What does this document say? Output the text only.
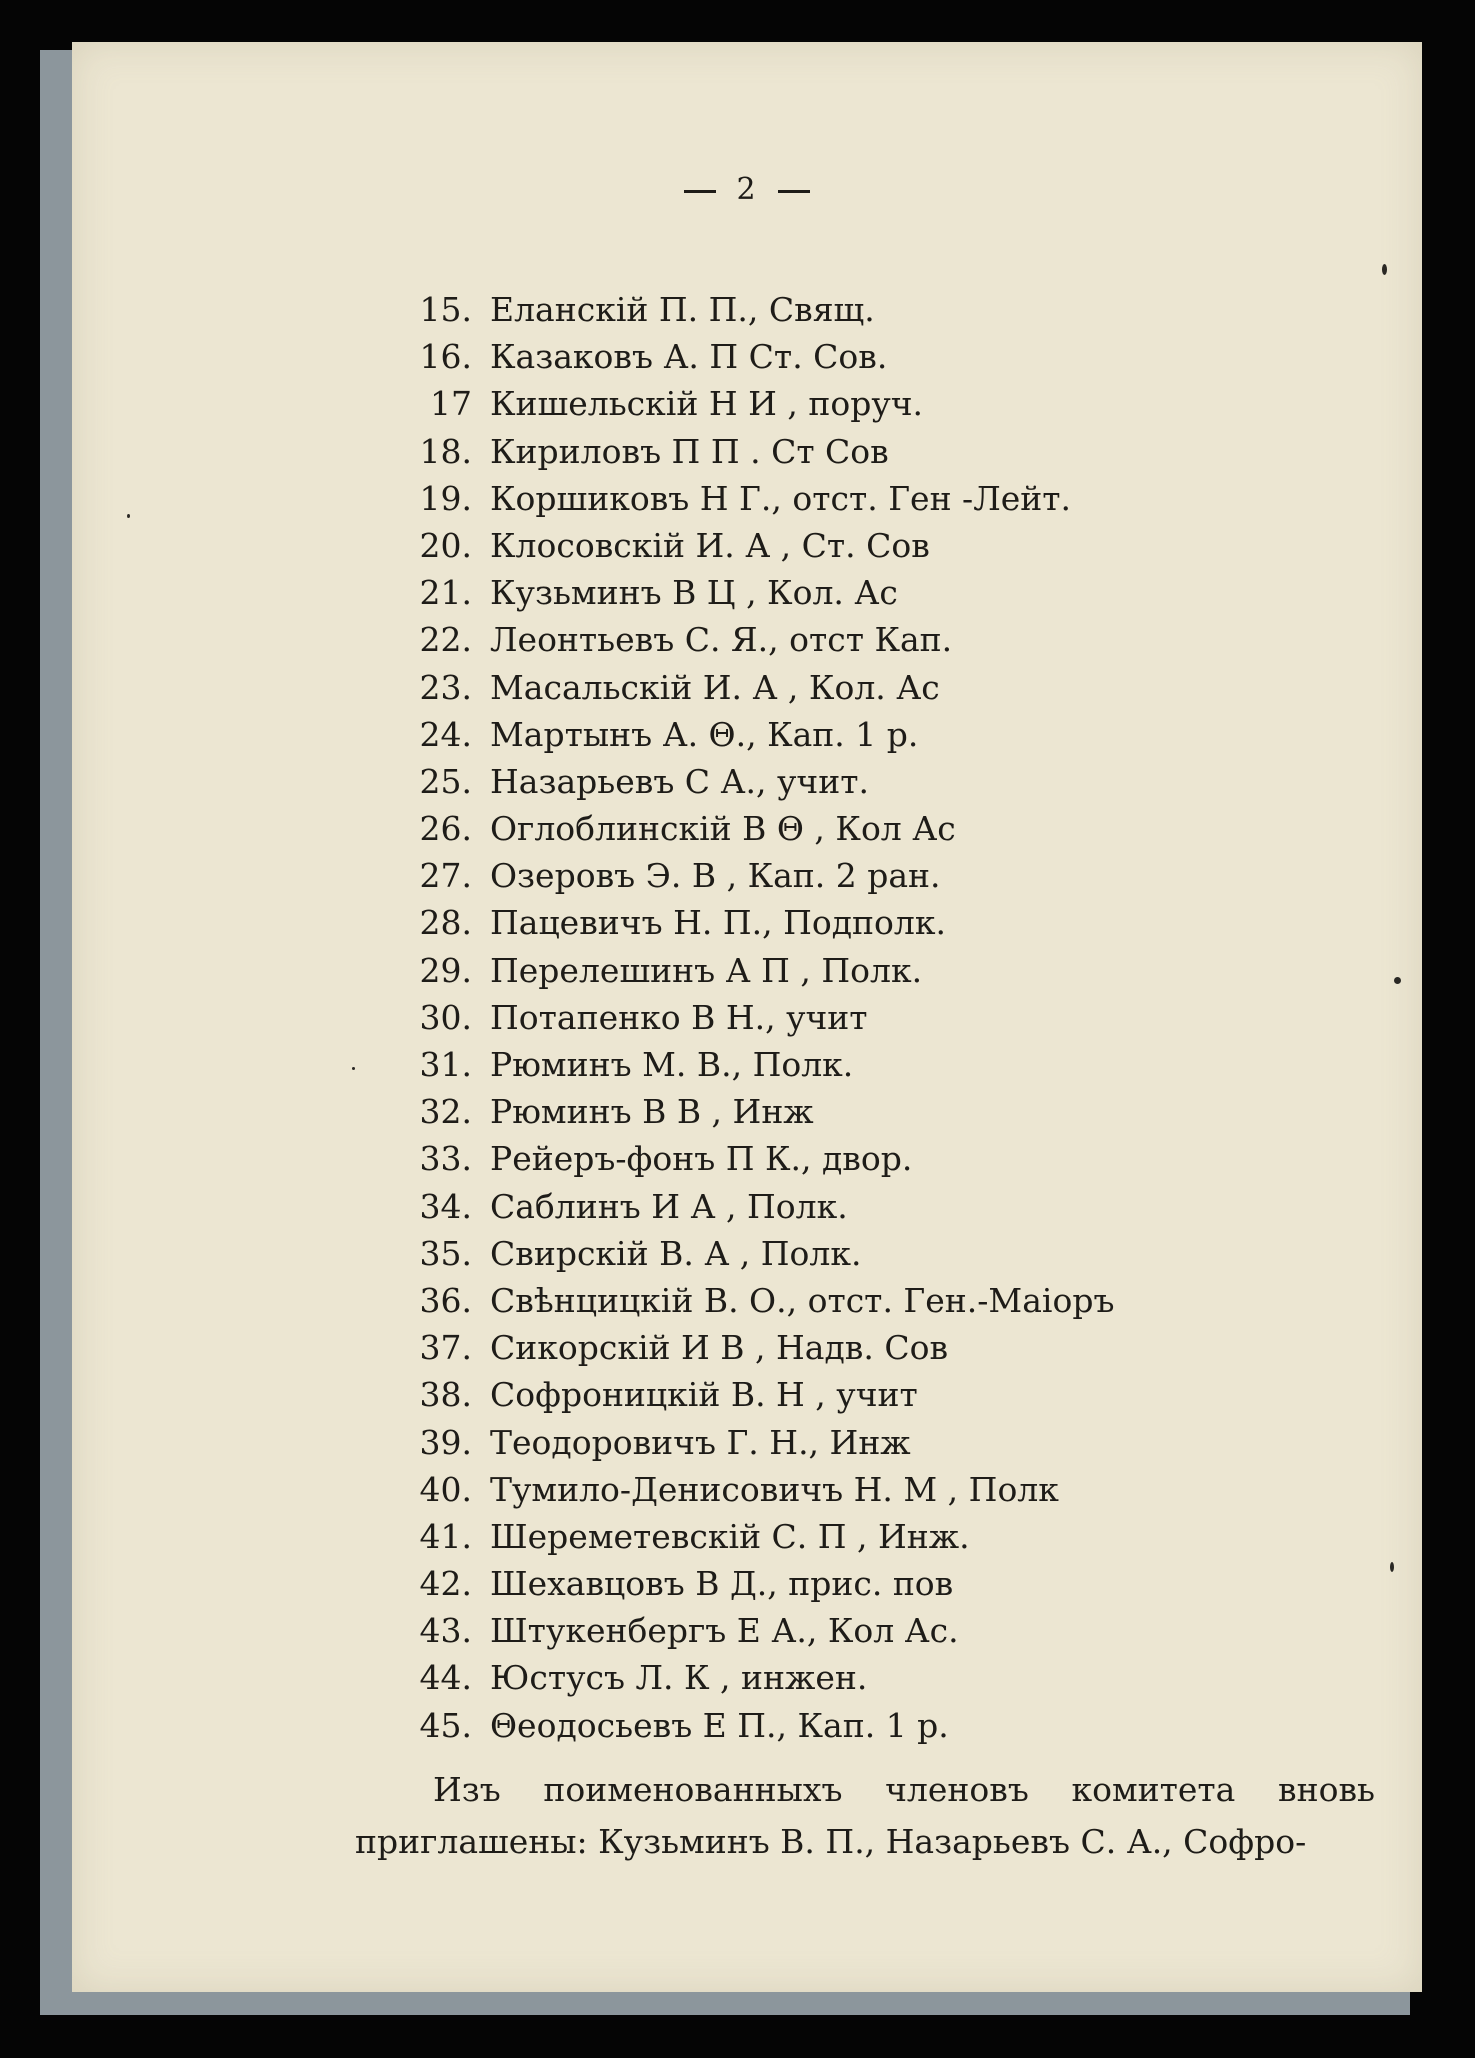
2
15. Еланскій П. П., Свящ.
16. Казаковъ А. П Ст. Сов.
17 Кишельскій Н И , поруч.
18. Кириловъ П П . Ст Сов
19. Коршиковъ Н Г., отст. Ген -Лейт.
20. Клосовскій И. А , Ст. Сов
21. Кузьминъ В Ц , Кол. Ас
22. Леонтьевъ С. Я., отст Кап.
23. Масальскій И. А , Кол. Ас
24. Мартынъ А. Θ., Кап. 1 р.
25. Назарьевъ С А., учит.
26. Оглоблинскій В Θ , Кол Ас
27. Озеровъ Э. В , Кап. 2 ран.
28. Пацевичъ Н. П., Подполк.
29. Перелешинъ А П , Полк.
30. Потапенко В Н., учит
31. Рюминъ М. В., Полк.
32. Рюминъ В В , Инж
33. Рейеръ-фонъ П К., двор.
34. Саблинъ И А , Полк.
35. Свирскій В. А , Полк.
36. Свѣнцицкій В. О., отст. Ген.-Маіоръ
37. Сикорскій И В , Надв. Сов
38. Софроницкій В. Н , учит
39. Теодоровичъ Г. Н., Инж
40. Тумило-Денисовичъ Н. М , Полк
41. Шереметевскій С. П , Инж.
42. Шехавцовъ В Д., прис. пов
43. Штукенбергъ Е А., Кол Ас.
44. Юстусъ Л. К , инжен.
45. Θеодосьевъ Е П., Кап. 1 р.

Изъ поименованныхъ членовъ комитета вновь приглашены: Кузьминъ В. П., Назарьевъ С. А., Софро-
